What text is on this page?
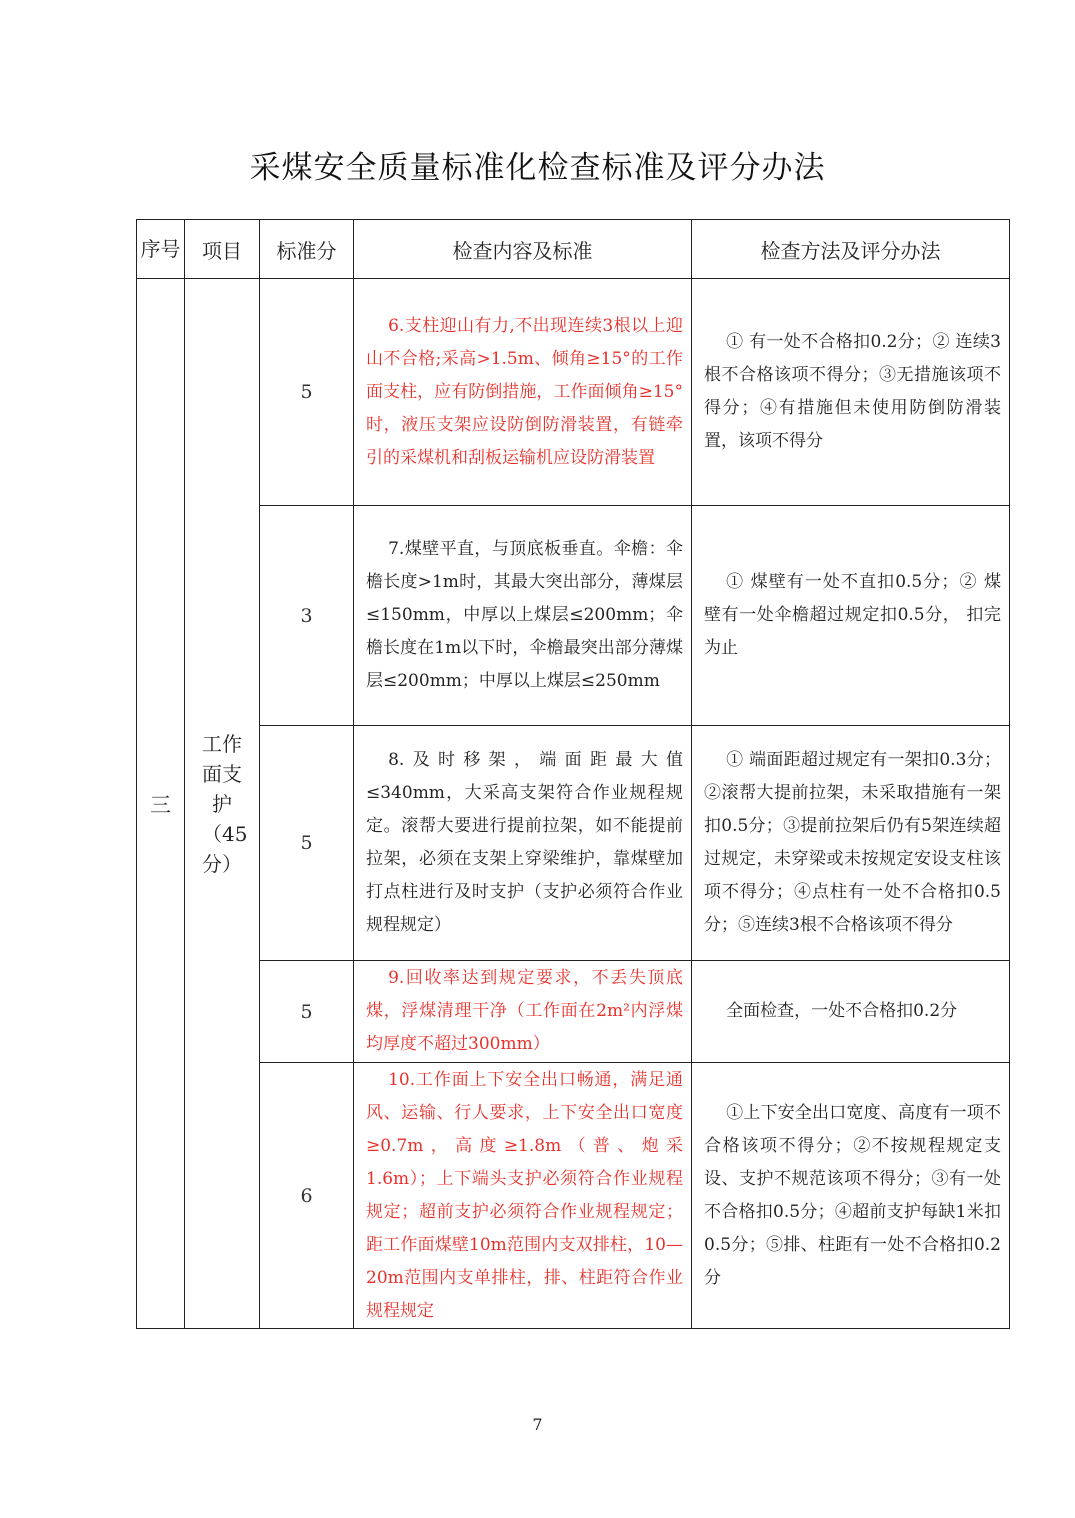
采煤安全质量标准化检查标准及评分办法
序号	项目	标准分	检查内容及标准	检查方法及评分办法
三	工作面支护（45分）	5	6.支柱迎山有力,不出现连续3根以上迎山不合格;采高>1.5m、倾角≥15°的工作面支柱，应有防倒措施，工作面倾角≥15°时，液压支架应设防倒防滑装置，有链牵引的采煤机和刮板运输机应设防滑装置	① 有一处不合格扣0.2分；② 连续3根不合格该项不得分；③无措施该项不得分；④有措施但未使用防倒防滑装置，该项不得分
		3	7.煤壁平直，与顶底板垂直。伞檐：伞檐长度>1m时，其最大突出部分，薄煤层≤150mm，中厚以上煤层≤200mm；伞檐长度在1m以下时，伞檐最突出部分薄煤层≤200mm；中厚以上煤层≤250mm	① 煤壁有一处不直扣0.5分；② 煤壁有一处伞檐超过规定扣0.5分， 扣完为止
		5	8.及时移架，端面距最大值≤340mm，大采高支架符合作业规程规定。滚帮大要进行提前拉架，如不能提前拉架，必须在支架上穿梁维护，靠煤壁加打点柱进行及时支护（支护必须符合作业规程规定）	① 端面距超过规定有一架扣0.3分；②滚帮大提前拉架，未采取措施有一架扣0.5分；③提前拉架后仍有5架连续超过规定，未穿梁或未按规定安设支柱该项不得分；④点柱有一处不合格扣0.5分；⑤连续3根不合格该项不得分
		5	9.回收率达到规定要求，不丢失顶底煤，浮煤清理干净（工作面在2m²内浮煤均厚度不超过300mm）	全面检查，一处不合格扣0.2分
		6	10.工作面上下安全出口畅通，满足通风、运输、行人要求，上下安全出口宽度≥0.7m，高度≥1.8m（普、炮采1.6m）；上下端头支护必须符合作业规程规定；超前支护必须符合作业规程规定；距工作面煤壁10m范围内支双排柱，10—20m范围内支单排柱，排、柱距符合作业规程规定	①上下安全出口宽度、高度有一项不合格该项不得分；②不按规程规定支设、支护不规范该项不得分；③有一处不合格扣0.5分；④超前支护每缺1米扣0.5分；⑤排、柱距有一处不合格扣0.2分
7
